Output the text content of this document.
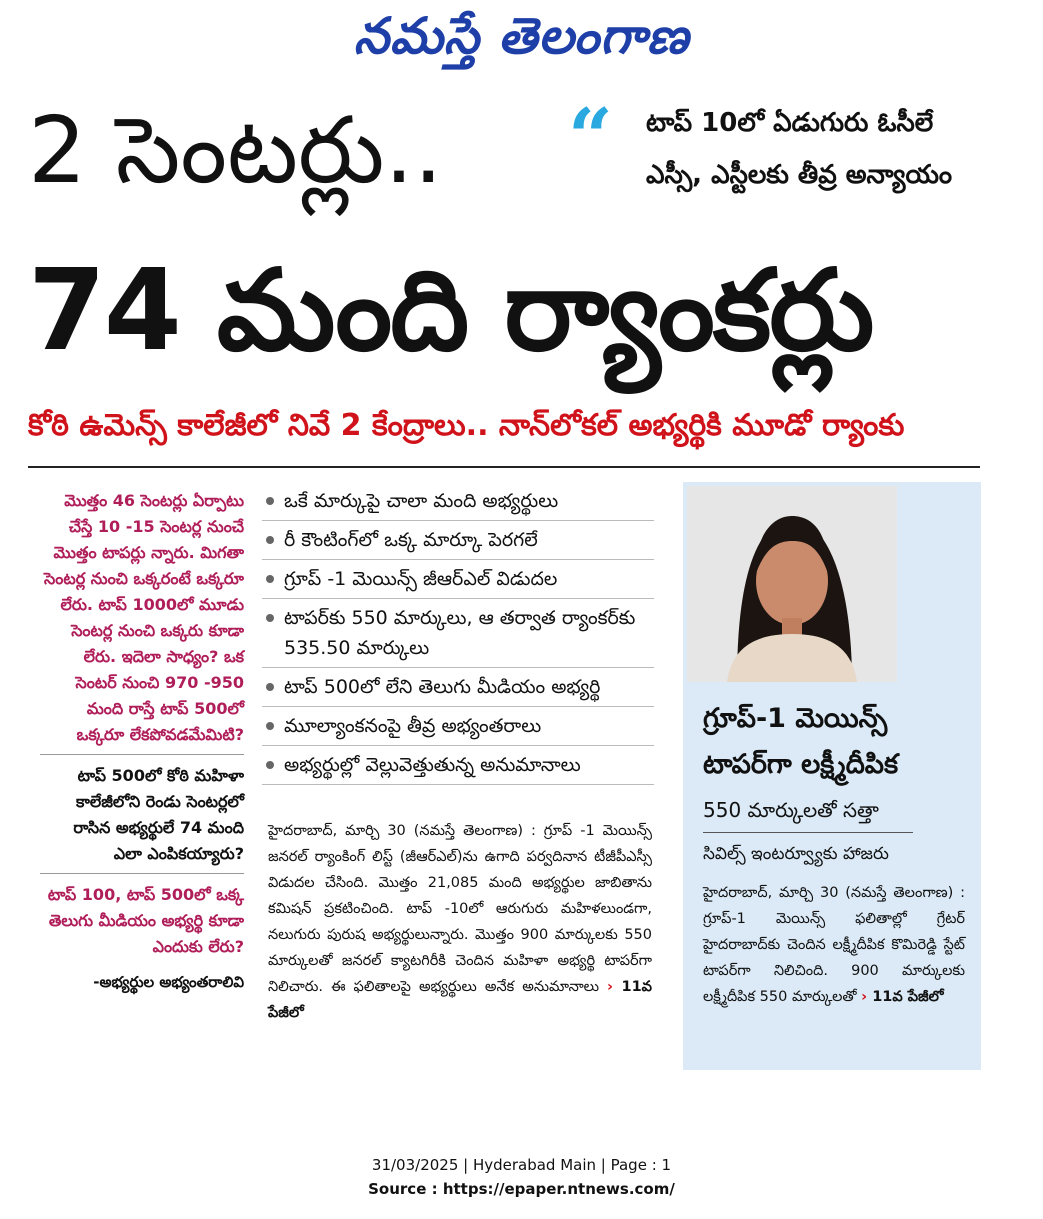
నమస్తే తెలంగాణ
2 సెంటర్లు.. “ టాప్ 10లో ఏడుగురు ఓసీలే
ఎస్సీ, ఎస్టీలకు తీవ్ర అన్యాయం
74 మంది ర్యాంకర్లు
కోఠి ఉమెన్స్ కాలేజీలో నివే 2 కేంద్రాలు.. నాన్‌లోకల్ అభ్యర్థికి మూడో ర్యాంకు

మొత్తం 46 సెంటర్లు ఏర్పాటు చేస్తే 10 -15 సెంటర్ల నుంచే మొత్తం టాపర్లు న్నారు. మిగతా సెంటర్ల నుంచి ఒక్కరంటే ఒక్కరూ లేరు. టాప్ 1000లో మూడు సెంటర్ల నుంచి ఒక్కరు కూడా లేరు. ఇదెలా సాధ్యం? ఒక సెంటర్ నుంచి 970 -950 మంది రాస్తే టాప్ 500లో ఒక్కరూ లేకపోవడమేమిటి?

టాప్ 500లో కోఠి మహిళా కాలేజీలోని రెండు సెంటర్లలో రాసిన అభ్యర్థులే 74 మంది ఎలా ఎంపికయ్యారు?

టాప్ 100, టాప్ 500లో ఒక్క తెలుగు మీడియం అభ్యర్థి కూడా ఎందుకు లేరు?

-అభ్యర్థుల అభ్యంతరాలివి

ఒకే మార్కుపై చాలా మంది అభ్యర్థులు
రీ కౌంటింగ్‌లో ఒక్క మార్కూ పెరగలే
గ్రూప్ -1 మెయిన్స్ జీఆర్‌ఎల్ విడుదల
టాపర్‌కు 550 మార్కులు, ఆ తర్వాత ర్యాంకర్‌కు 535.50 మార్కులు
టాప్ 500లో లేని తెలుగు మీడియం అభ్యర్థి
మూల్యాంకనంపై తీవ్ర అభ్యంతరాలు
అభ్యర్థుల్లో వెల్లువెత్తుతున్న అనుమానాలు
హైదరాబాద్, మార్చి 30 (నమస్తే తెలంగాణ) : గ్రూప్ -1 మెయిన్స్ జనరల్ ర్యాంకింగ్ లిస్ట్ (జీఆర్‌ఎల్)ను ఉగాది పర్వదినాన టీజీపీఎస్సీ విడుదల చేసింది. మొత్తం 21,085 మంది అభ్యర్థుల జాబితాను కమిషన్ ప్రకటించింది. టాప్ -10లో ఆరుగురు మహిళలుండగా, నలుగురు పురుష అభ్యర్థులున్నారు. మొత్తం 900 మార్కులకు 550 మార్కులతో జనరల్ క్యాటగిరీకి చెందిన మహిళా అభ్యర్థి టాపర్‌గా నిలిచారు. ఈ ఫలితాలపై అభ్యర్థులు అనేక అనుమానాలు › 11వ పేజీలో
గ్రూప్-1 మెయిన్స్
టాపర్‌గా లక్ష్మీదీపిక
550 మార్కులతో సత్తా
సివిల్స్ ఇంటర్వ్యూకు హాజరు
హైదరాబాద్, మార్చి 30 (నమస్తే తెలంగాణ) : గ్రూప్-1 మెయిన్స్ ఫలితాల్లో గ్రేటర్ హైదరాబాద్‌కు చెందిన లక్ష్మీదీపిక కొమిరెడ్డి స్టేట్ టాపర్‌గా నిలిచింది. 900 మార్కులకు లక్ష్మీదీపిక 550 మార్కులతో › 11వ పేజీలో
31/03/2025 | Hyderabad Main | Page : 1
Source : https://epaper.ntnews.com/
